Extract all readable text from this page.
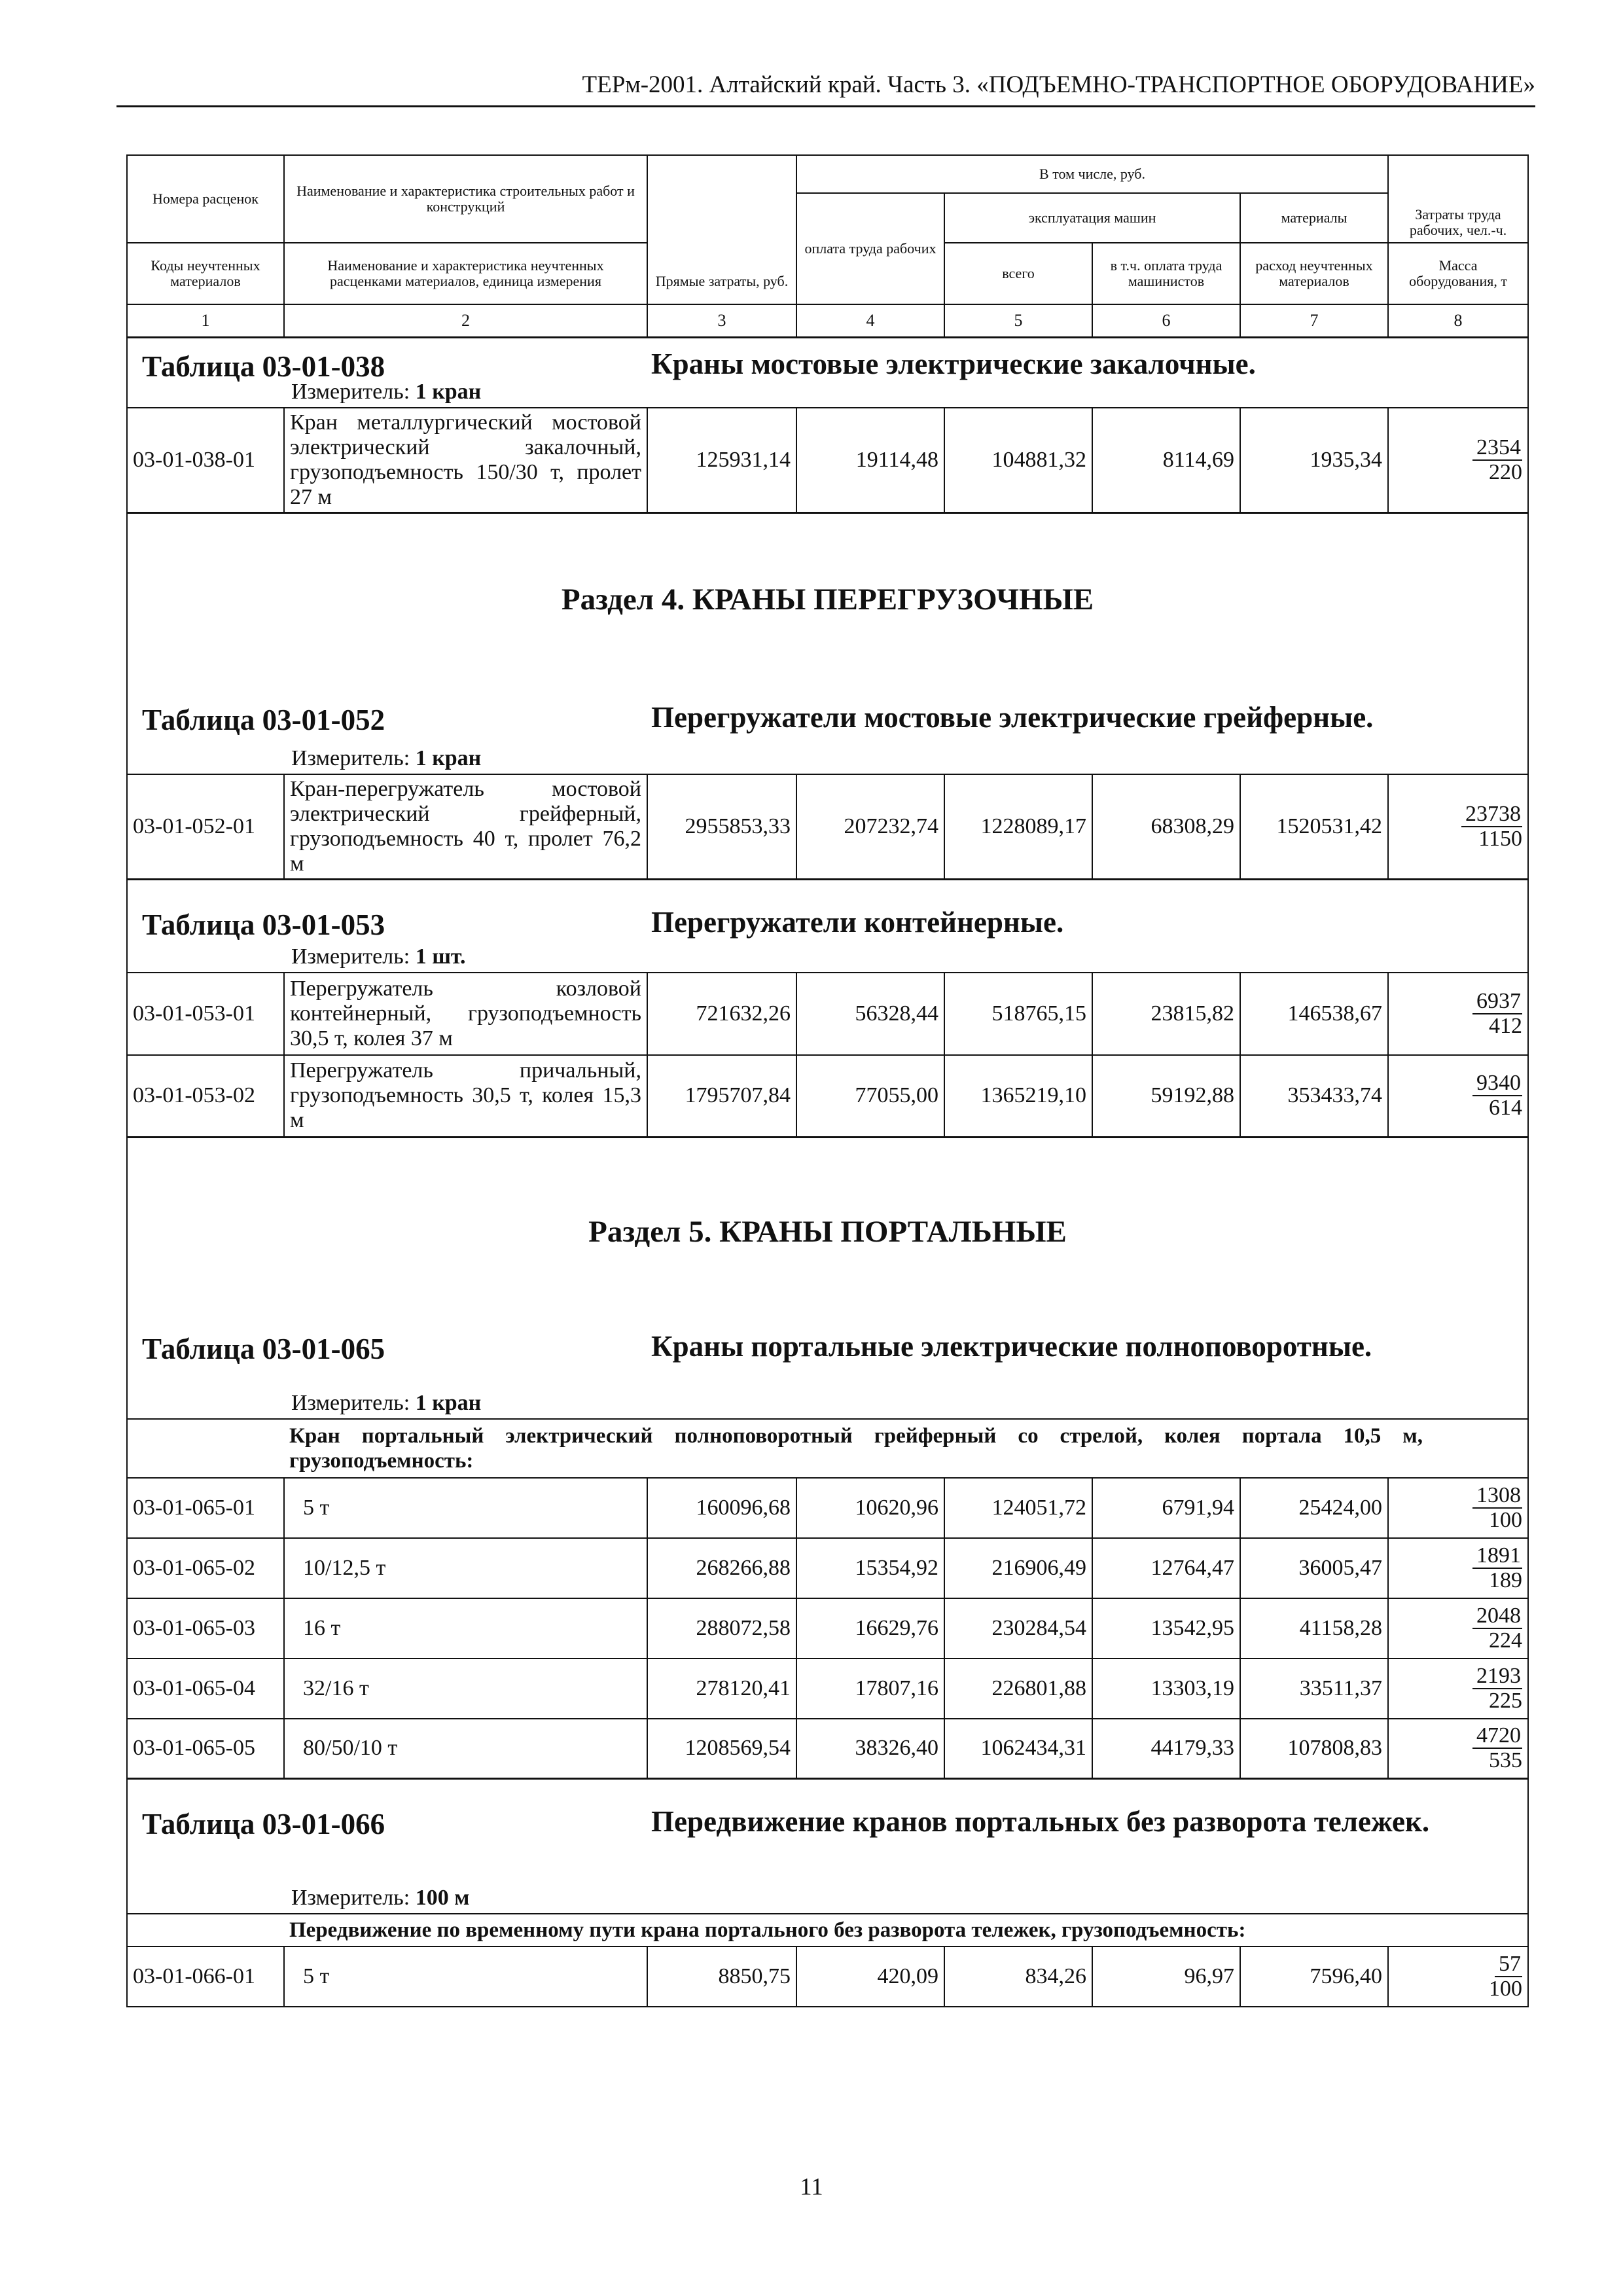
ТЕРм-2001. Алтайский край. Часть 3. «ПОДЪЕМНО-ТРАНСПОРТНОЕ ОБОРУДОВАНИЕ»
Номера расценок	Наименование и характеристика строительных работ и конструкций	Прямые затраты, руб.	В том числе, руб.				Затраты труда рабочих, чел.-ч.
			оплата труда рабочих	эксплуатация машин		материалы	
Коды неучтенных материалов	Наименование и характеристика неучтенных расценками материалов, единица измерения			всего	в т.ч. оплата труда машинистов	расход неучтенных материалов	Масса оборудования, т
1	2	3	4	5	6	7	8

Таблица 03-01-038 Краны мостовые электрические закалочные.							

Измеритель: 1 кран							

03-01-038-01	Кран металлургический мостовой электрический закалочный, грузоподъемность 150/30 т, пролет 27 м	125931,14	19114,48	104881,32	8114,69	1935,34	2354
220

Раздел 4. КРАНЫ ПЕРЕГРУЗОЧНЫЕ
Таблица 03-01-052 Перегружатели мостовые электрические грейферные.							

Измеритель: 1 кран							

03-01-052-01	Кран-перегружатель мостовой электрический грейферный, грузоподъемность 40 т, пролет 76,2 м	2955853,33	207232,74	1228089,17	68308,29	1520531,42	23738
1150

Таблица 03-01-053 Перегружатели контейнерные.							

Измеритель: 1 шт.							

03-01-053-01	Перегружатель козловой контейнерный, грузоподъемность 30,5 т, колея 37 м	721632,26	56328,44	518765,15	23815,82	146538,67	6937
412

03-01-053-02	Перегружатель причальный, грузоподъемность 30,5 т, колея 15,3 м	1795707,84	77055,00	1365219,10	59192,88	353433,74	9340
614

Раздел 5. КРАНЫ ПОРТАЛЬНЫЕ
Таблица 03-01-065 Краны портальные электрические полноповоротные.							

Измеритель: 1 кран							

	Кран портальный электрический полноповоротный грейферный со стрелой, колея портала 10,5 м, грузоподъемность:						
03-01-065-01	5 т	160096,68	10620,96	124051,72	6791,94	25424,00	1308
100

03-01-065-02	10/12,5 т	268266,88	15354,92	216906,49	12764,47	36005,47	1891
189

03-01-065-03	16 т	288072,58	16629,76	230284,54	13542,95	41158,28	2048
224

03-01-065-04	32/16 т	278120,41	17807,16	226801,88	13303,19	33511,37	2193
225

03-01-065-05	80/50/10 т	1208569,54	38326,40	1062434,31	44179,33	107808,83	4720
535

Таблица 03-01-066 Передвижение кранов портальных без разворота тележек.							

Измеритель: 100 м							

	Передвижение по временному пути крана портального без разворота тележек, грузоподъемность:						
03-01-066-01	5 т	8850,75	420,09	834,26	96,97	7596,40	57
100
11
